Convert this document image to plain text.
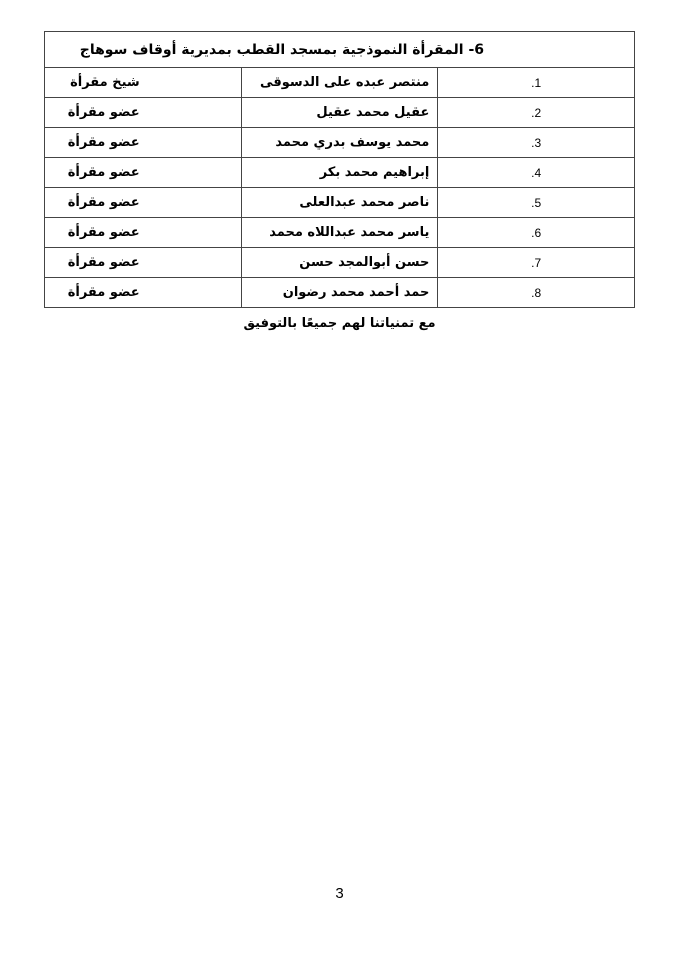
6- المقرأة النموذجية بمسجد القطب بمديرية أوقاف سوهاج		
1.	منتصر عبده على الدسوقى	شيخ مقرأة
2.	عقيل محمد عقيل	عضو مقرأة
3.	محمد يوسف بدري محمد	عضو مقرأة
4.	إبراهيم محمد بكر	عضو مقرأة
5.	ناصر محمد عبدالعلى	عضو مقرأة
6.	ياسر محمد عبداللاه محمد	عضو مقرأة
7.	حسن أبوالمجد حسن	عضو مقرأة
8.	حمد أحمد محمد رضوان	عضو مقرأة
مع تمنياتنا لهم جميعًا بالتوفيق
3
